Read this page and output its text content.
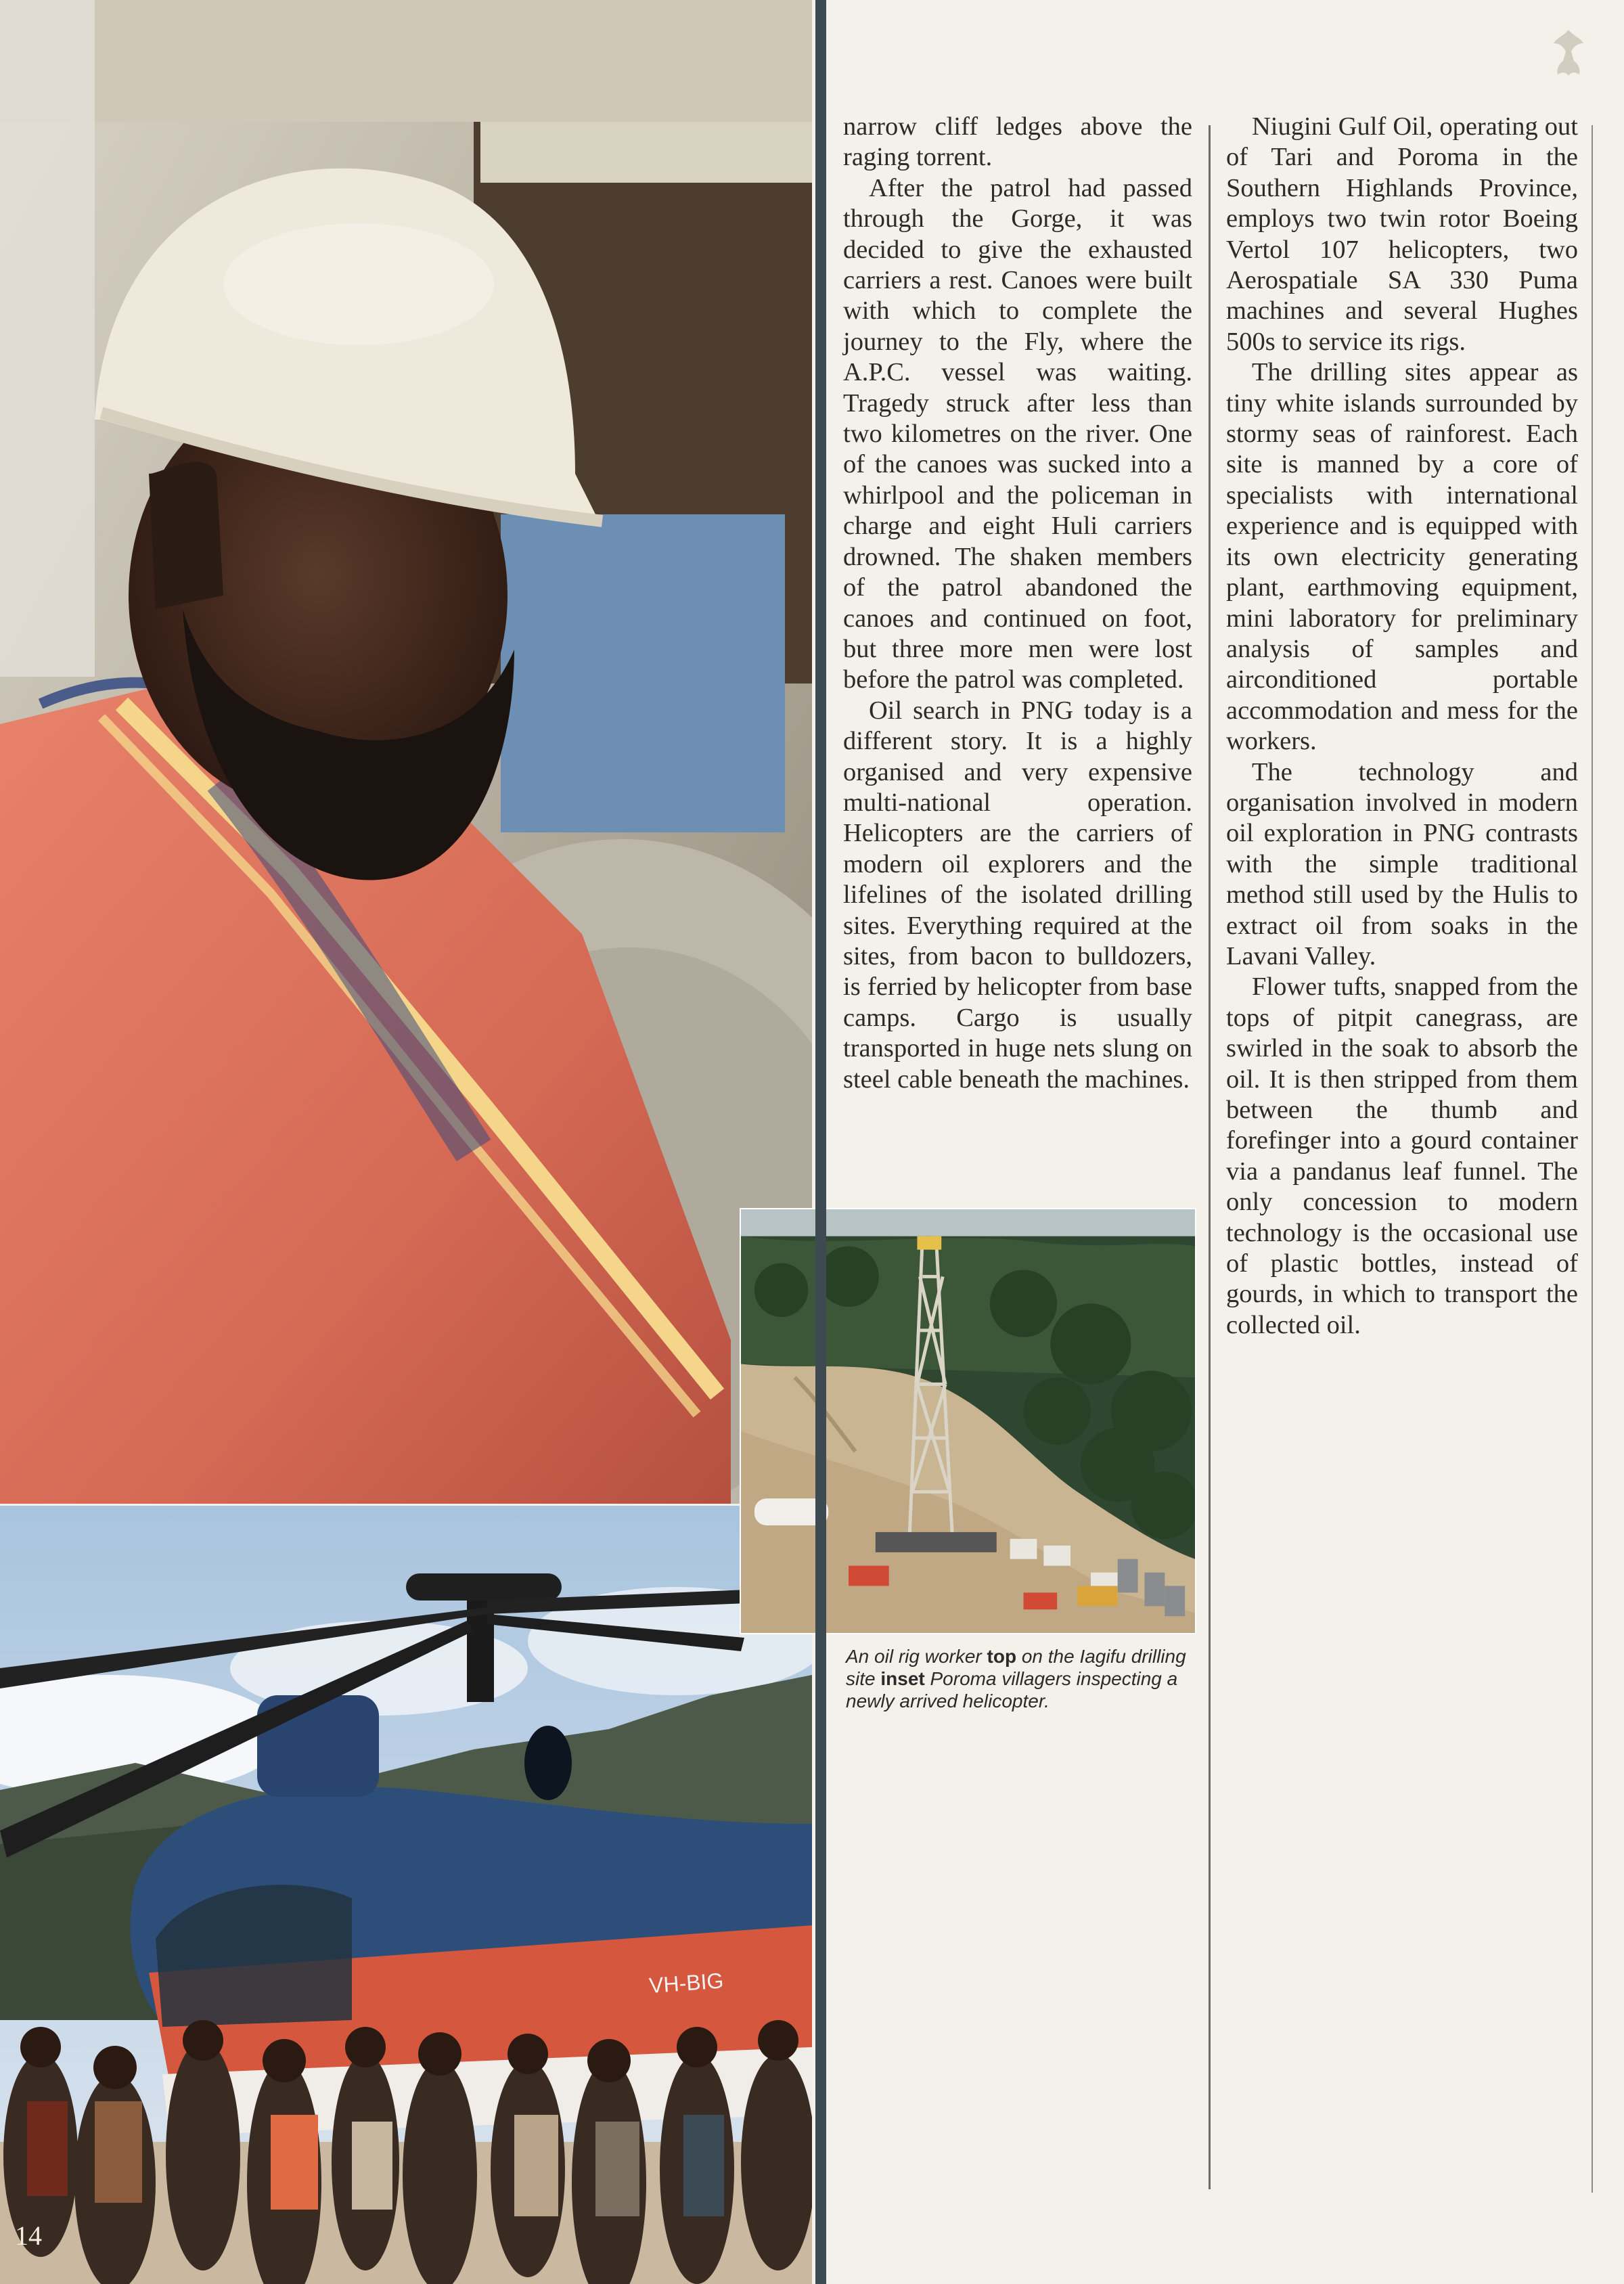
VH-BIG

narrow cliff ledges above the raging torrent.

After the patrol had passed through the Gorge, it was decided to give the exhausted carriers a rest. Canoes were built with which to complete the journey to the Fly, where the A.P.C. vessel was waiting. Tragedy struck after less than two kilometres on the river. One of the canoes was sucked into a whirlpool and the policeman in charge and eight Huli carriers drowned. The shaken members of the patrol abandoned the canoes and continued on foot, but three more men were lost before the patrol was completed.

Oil search in PNG today is a different story. It is a highly organised and very expensive multi-national operation. Helicopters are the carriers of modern oil explorers and the lifelines of the isolated drilling sites. Everything required at the sites, from bacon to bulldozers, is ferried by helicopter from base camps. Cargo is usually transported in huge nets slung on steel cable beneath the machines.

Niugini Gulf Oil, operating out of Tari and Poroma in the Southern Highlands Province, employs two twin rotor Boeing Vertol 107 helicopters, two Aerospatiale SA 330 Puma machines and several Hughes 500s to service its rigs.

The drilling sites appear as tiny white islands surrounded by stormy seas of rainforest. Each site is manned by a core of specialists with international experience and is equipped with its own electricity generating plant, earthmoving equipment, mini laboratory for preliminary analysis of samples and airconditioned portable accommodation and mess for the workers.

The technology and organisation involved in modern oil exploration in PNG contrasts with the simple traditional method still used by the Hulis to extract oil from soaks in the Lavani Valley.

Flower tufts, snapped from the tops of pitpit canegrass, are swirled in the soak to absorb the oil. It is then stripped from them between the thumb and forefinger into a gourd container via a pandanus leaf funnel. The only concession to modern technology is the occasional use of plastic bottles, instead of gourds, in which to transport the collected oil.

An oil rig worker top on the Iagifu drilling site inset Poroma villagers inspecting a newly arrived helicopter.
14
